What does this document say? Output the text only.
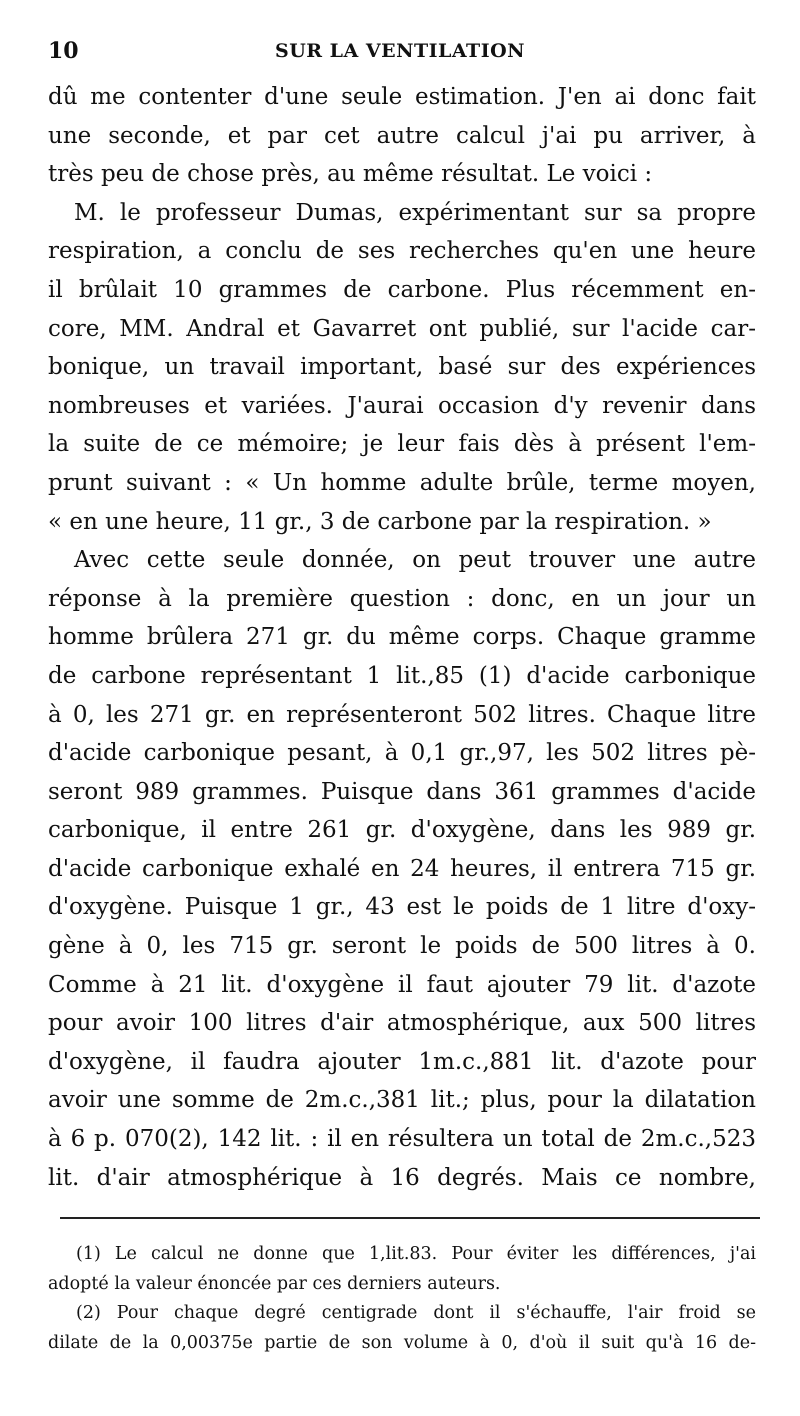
10	SUR LA VENTILATION
dû me contenter d'une seule estimation. J'en ai donc fait
une seconde, et par cet autre calcul j'ai pu arriver, à
très peu de chose près, au même résultat. Le voici :
M. le professeur Dumas, expérimentant sur sa propre
respiration, a conclu de ses recherches qu'en une heure
il brûlait 10 grammes de carbone. Plus récemment en-
core, MM. Andral et Gavarret ont publié, sur l'acide car-
bonique, un travail important, basé sur des expériences
nombreuses et variées. J'aurai occasion d'y revenir dans
la suite de ce mémoire; je leur fais dès à présent l'em-
prunt suivant : « Un homme adulte brûle, terme moyen,
« en une heure, 11 gr., 3 de carbone par la respiration. »
Avec cette seule donnée, on peut trouver une autre
réponse à la première question : donc, en un jour un
homme brûlera 271 gr. du même corps. Chaque gramme
de carbone représentant 1 lit.,85 (1) d'acide carbonique
à 0, les 271 gr. en représenteront 502 litres. Chaque litre
d'acide carbonique pesant, à 0,1 gr.,97, les 502 litres pè-
seront 989 grammes. Puisque dans 361 grammes d'acide
carbonique, il entre 261 gr. d'oxygène, dans les 989 gr.
d'acide carbonique exhalé en 24 heures, il entrera 715 gr.
d'oxygène. Puisque 1 gr., 43 est le poids de 1 litre d'oxy-
gène à 0, les 715 gr. seront le poids de 500 litres à 0.
Comme à 21 lit. d'oxygène il faut ajouter 79 lit. d'azote
pour avoir 100 litres d'air atmosphérique, aux 500 litres
d'oxygène, il faudra ajouter 1m.c.,881 lit. d'azote pour
avoir une somme de 2m.c.,381 lit.; plus, pour la dilatation
à 6 p. 070(2), 142 lit. : il en résultera un total de 2m.c.,523
lit. d'air atmosphérique à 16 degrés. Mais ce nombre,
(1) Le calcul ne donne que 1,lit.83. Pour éviter les différences, j'ai
adopté la valeur énoncée par ces derniers auteurs.
(2) Pour chaque degré centigrade dont il s'échauffe, l'air froid se
dilate de la 0,00375e partie de son volume à 0, d'où il suit qu'à 16 de-
